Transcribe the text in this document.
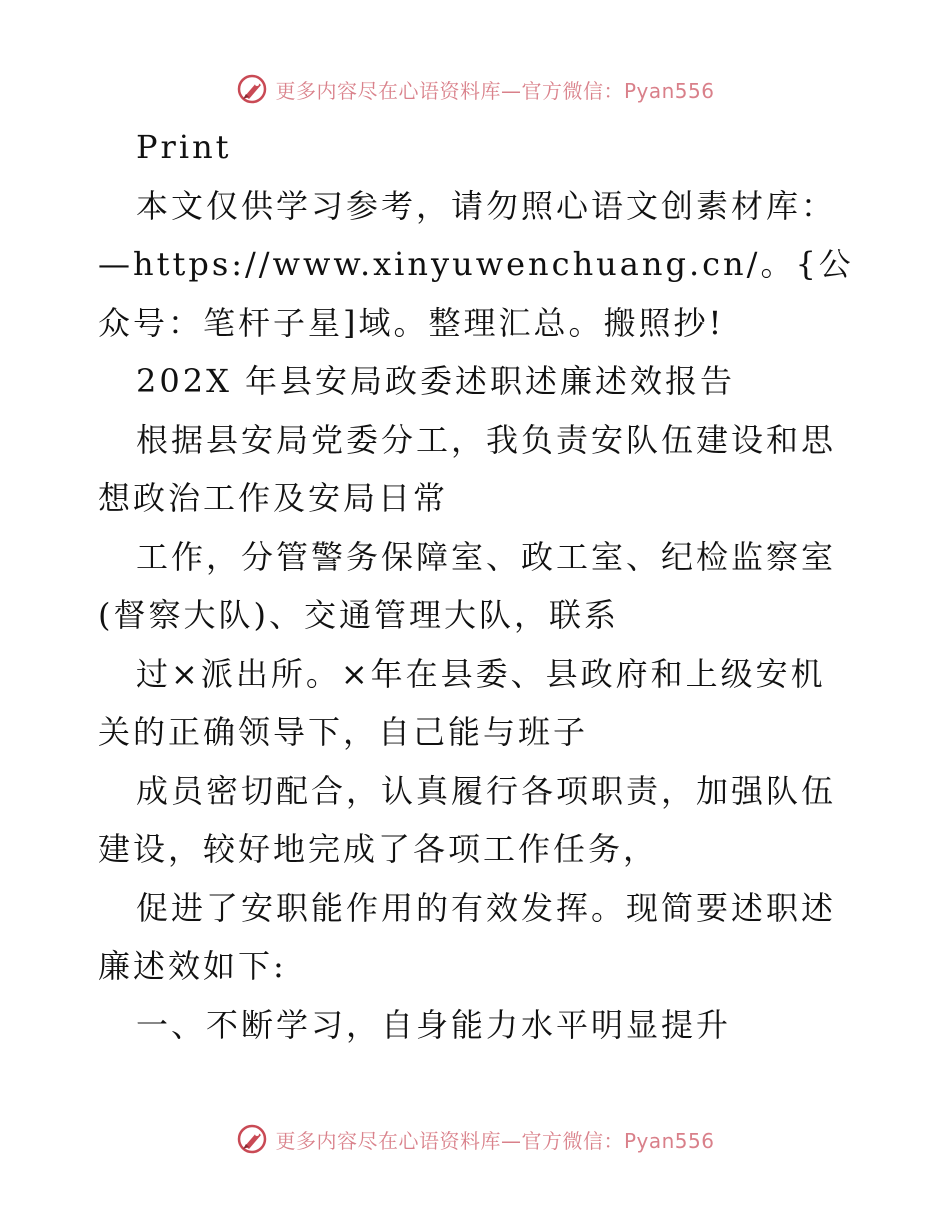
更多内容尽在心语资料库—官方微信：Pyan556

Print

本文仅供学习参考，请勿照心语文创素材库：—https://www.xinyuwenchuang.cn/。{公众号：笔杆子星]域。整理汇总。搬照抄!

202X 年县安局政委述职述廉述效报告

根据县安局党委分工，我负责安队伍建设和思想政治工作及安局日常

工作，分管警务保障室、政工室、纪检监察室(督察大队)、交通管理大队，联系

过×派出所。×年在县委、县政府和上级安机关的正确领导下，自己能与班子

成员密切配合，认真履行各项职责，加强队伍建设，较好地完成了各项工作任务，

促进了安职能作用的有效发挥。现简要述职述廉述效如下:

一、不断学习，自身能力水平明显提升

更多内容尽在心语资料库—官方微信：Pyan556
